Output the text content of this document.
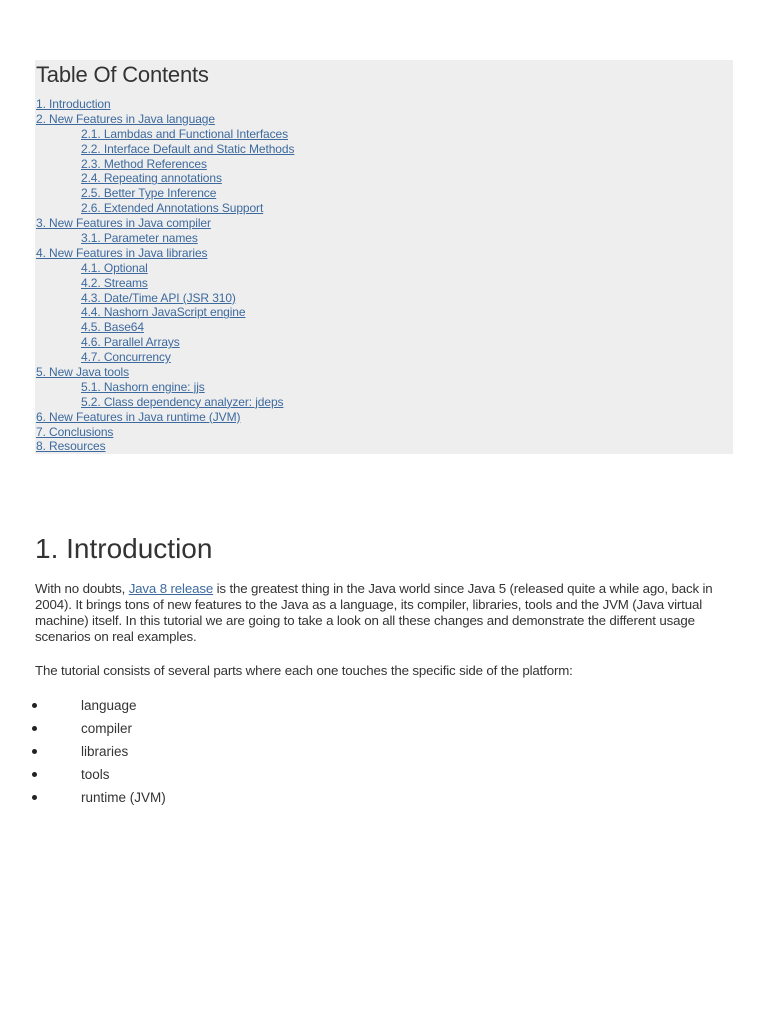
Table Of Contents
1. Introduction
2. New Features in Java language
2.1. Lambdas and Functional Interfaces
2.2. Interface Default and Static Methods
2.3. Method References
2.4. Repeating annotations
2.5. Better Type Inference
2.6. Extended Annotations Support
3. New Features in Java compiler
3.1. Parameter names
4. New Features in Java libraries
4.1. Optional
4.2. Streams
4.3. Date/Time API (JSR 310)
4.4. Nashorn JavaScript engine
4.5. Base64
4.6. Parallel Arrays
4.7. Concurrency
5. New Java tools
5.1. Nashorn engine: jjs
5.2. Class dependency analyzer: jdeps
6. New Features in Java runtime (JVM)
7. Conclusions
8. Resources
1. Introduction

With no doubts, Java 8 release is the greatest thing in the Java world since Java 5 (released quite a while ago, back in 2004). It brings tons of new features to the Java as a language, its compiler, libraries, tools and the JVM (Java virtual machine) itself. In this tutorial we are going to take a look on all these changes and demonstrate the different usage scenarios on real examples.

The tutorial consists of several parts where each one touches the specific side of the platform:

language
compiler
libraries
tools
runtime (JVM)
